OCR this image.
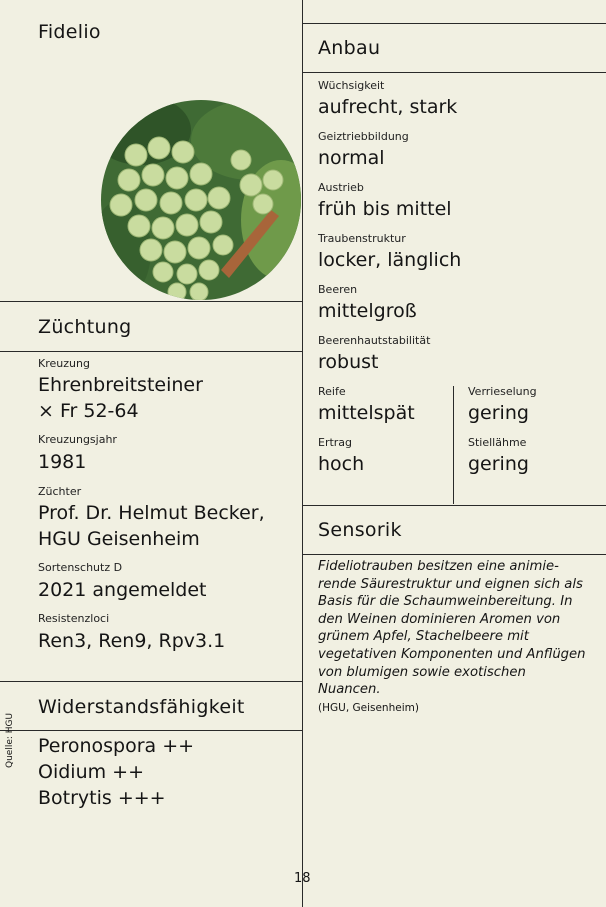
Fidelio
Züchtung
Kreuzung
Ehrenbreitsteiner
× Fr 52-64
Kreuzungsjahr
1981
Züchter
Prof. Dr. Helmut Becker,
HGU Geisenheim
Sortenschutz D
2021 angemeldet
Resistenzloci
Ren3, Ren9, Rpv3.1
Widerstandsfähigkeit
Quelle: HGU Peronospora ++
Oidium ++
Botrytis +++
Anbau
Wüchsigkeit
aufrecht, stark
Geiztriebbildung
normal
Austrieb
früh bis mittel
Traubenstruktur
locker, länglich
Beeren
mittelgroß
Beerenhautstabilität
robust
Reife
mittelspät
Ertrag
hoch
Verrieselung
gering
Stiellähme
gering
Sensorik
Fideliotrauben besitzen eine animierende Säurestruktur und eignen sich als Basis für die Schaumweinbereitung. In den Weinen dominieren Aromen von grünem Apfel, Stachelbeere mit vegetativen Komponenten und Anflügen von blumigen sowie exotischen Nuancen.
(HGU, Geisenheim)
18
